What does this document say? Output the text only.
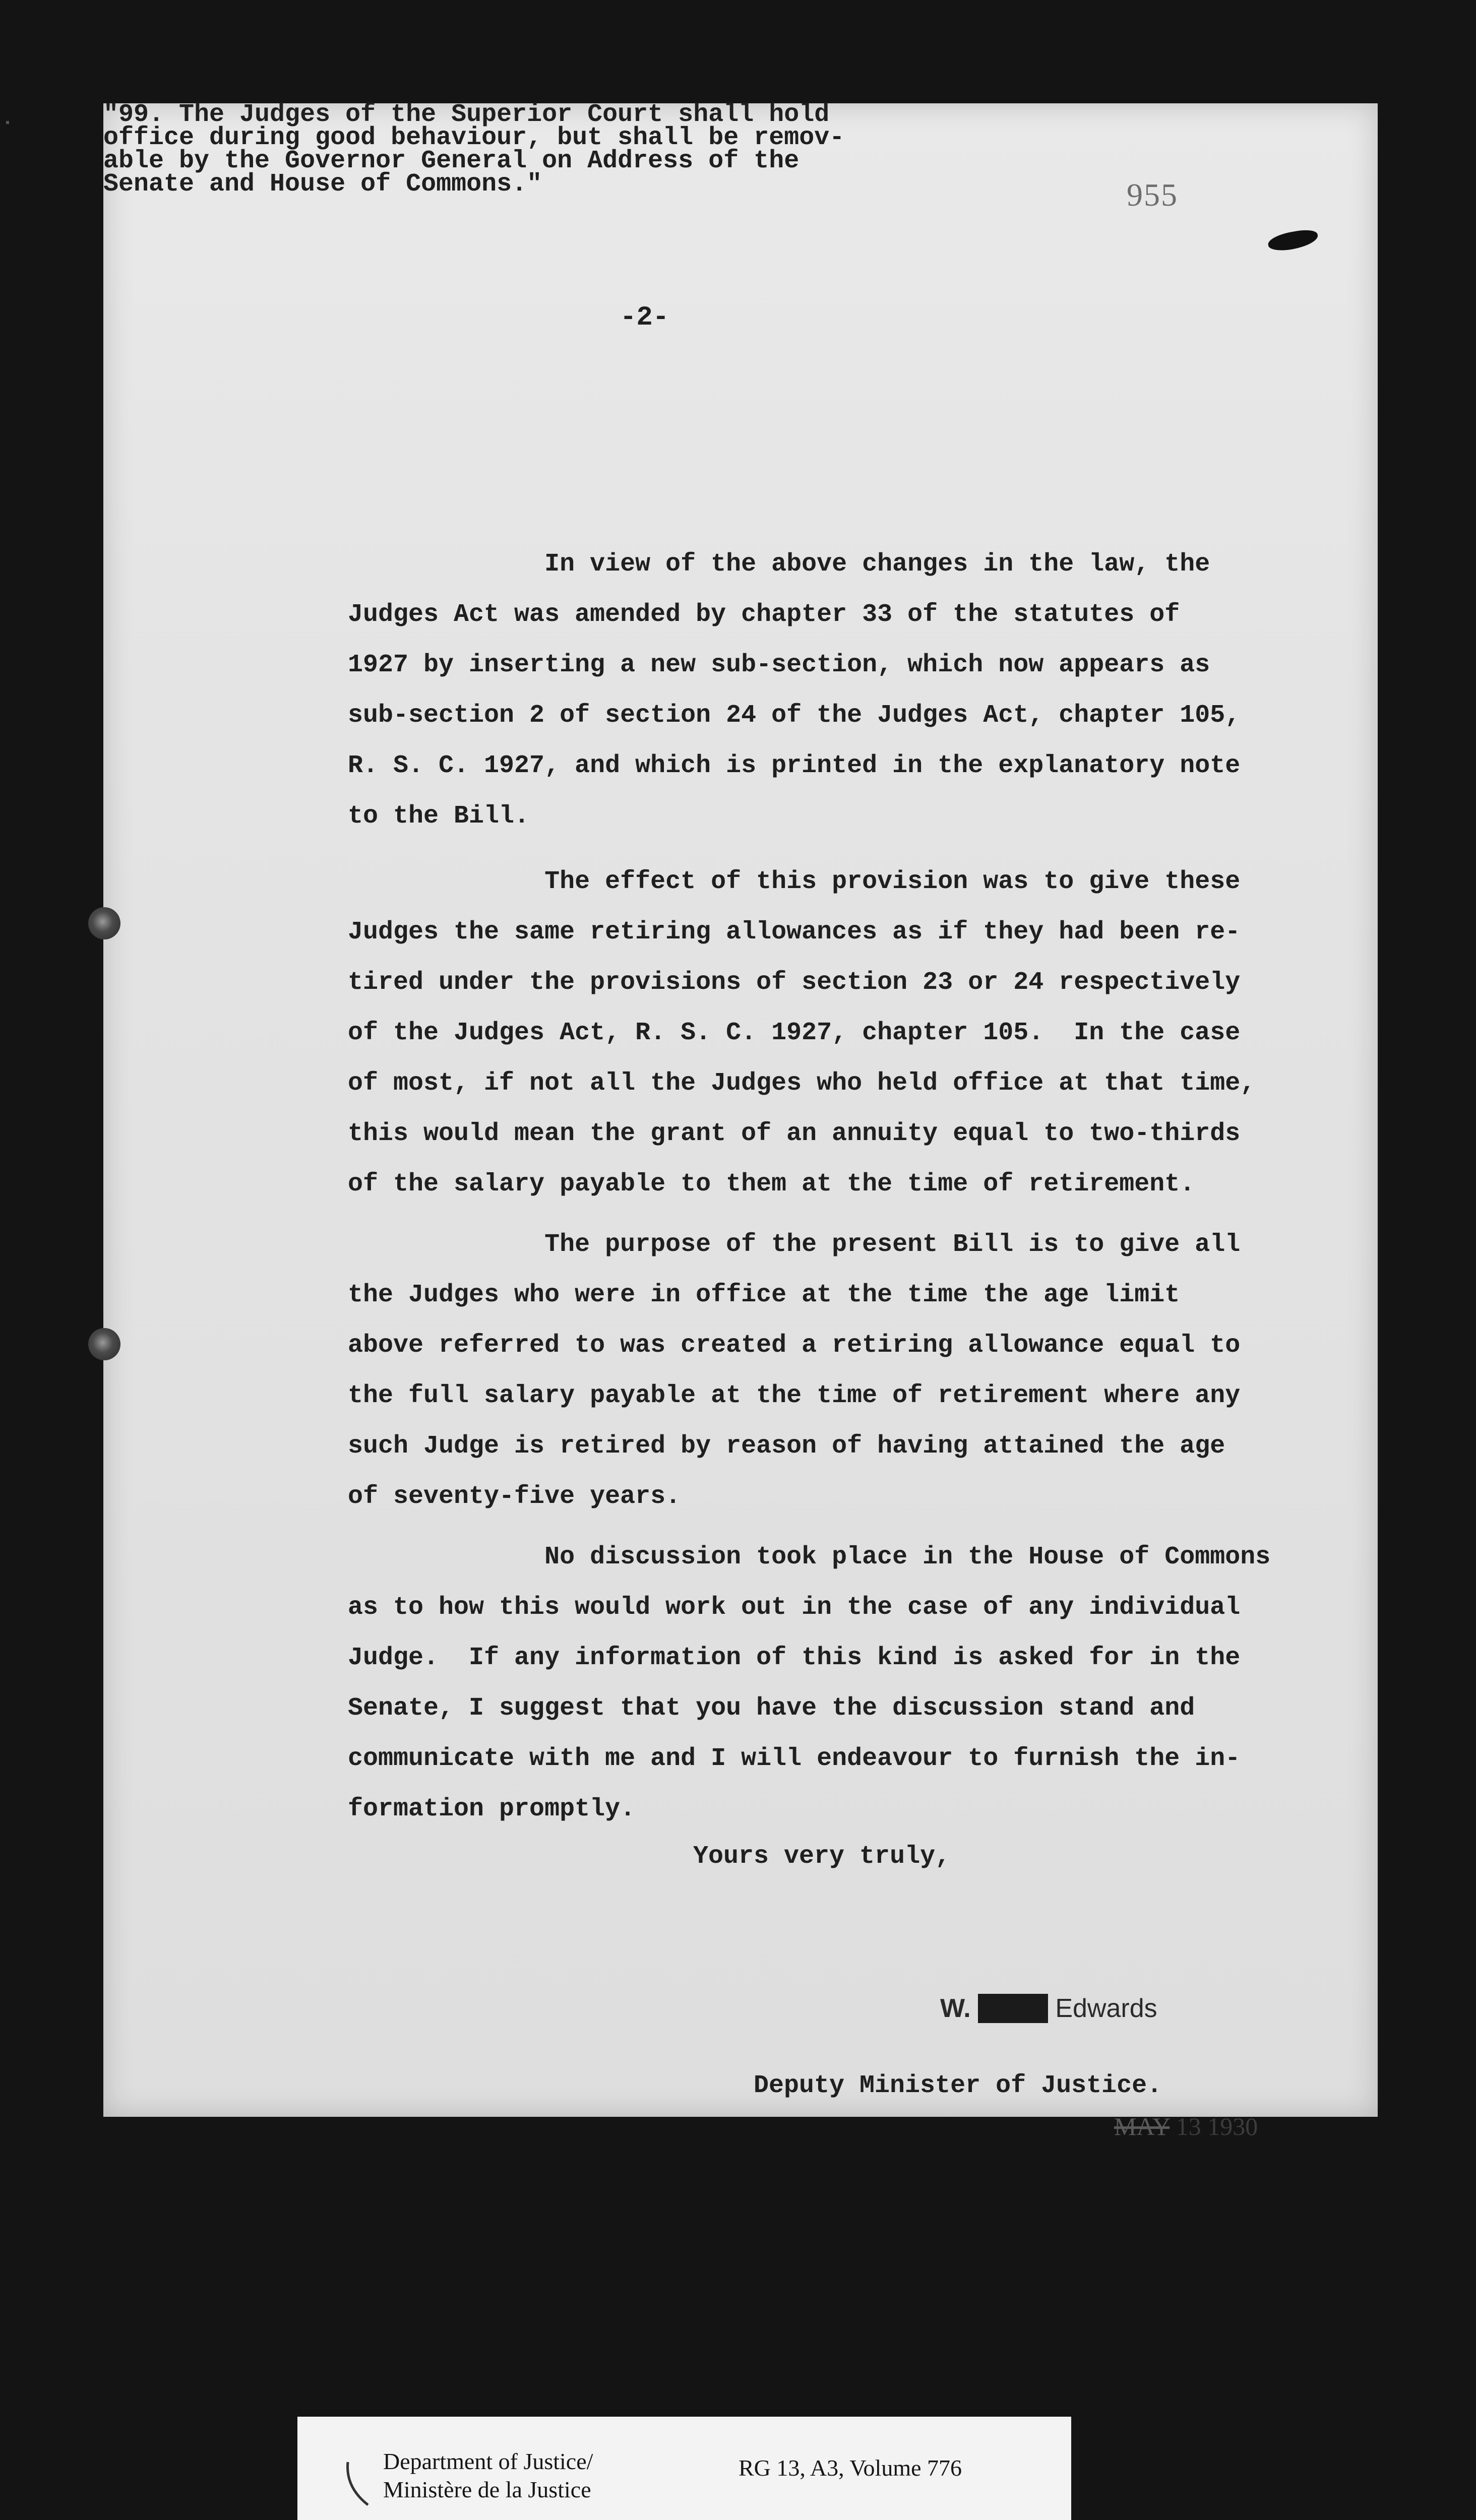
955
-2-
"99. The Judges of the Superior Court shall hold
office during good behaviour, but shall be remov-
able by the Governor General on Address of the
Senate and House of Commons."
In view of the above changes in the law, the
Judges Act was amended by chapter 33 of the statutes of
1927 by inserting a new sub-section, which now appears as
sub-section 2 of section 24 of the Judges Act, chapter 105,
R. S. C. 1927, and which is printed in the explanatory note
to the Bill.
The effect of this provision was to give these
Judges the same retiring allowances as if they had been re-
tired under the provisions of section 23 or 24 respectively
of the Judges Act, R. S. C. 1927, chapter 105.  In the case
of most, if not all the Judges who held office at that time,
this would mean the grant of an annuity equal to two-thirds
of the salary payable to them at the time of retirement.
The purpose of the present Bill is to give all
the Judges who were in office at the time the age limit
above referred to was created a retiring allowance equal to
the full salary payable at the time of retirement where any
such Judge is retired by reason of having attained the age
of seventy-five years.
No discussion took place in the House of Commons
as to how this would work out in the case of any individual
Judge.  If any information of this kind is asked for in the
Senate, I suggest that you have the discussion stand and
communicate with me and I will endeavour to furnish the in-
formation promptly.
Yours very truly,
W. Stuart Edwards
Deputy Minister of Justice.
MAY 13 1930
Department of Justice/
Ministère de la Justice
RG 13, A3, Volume 776
